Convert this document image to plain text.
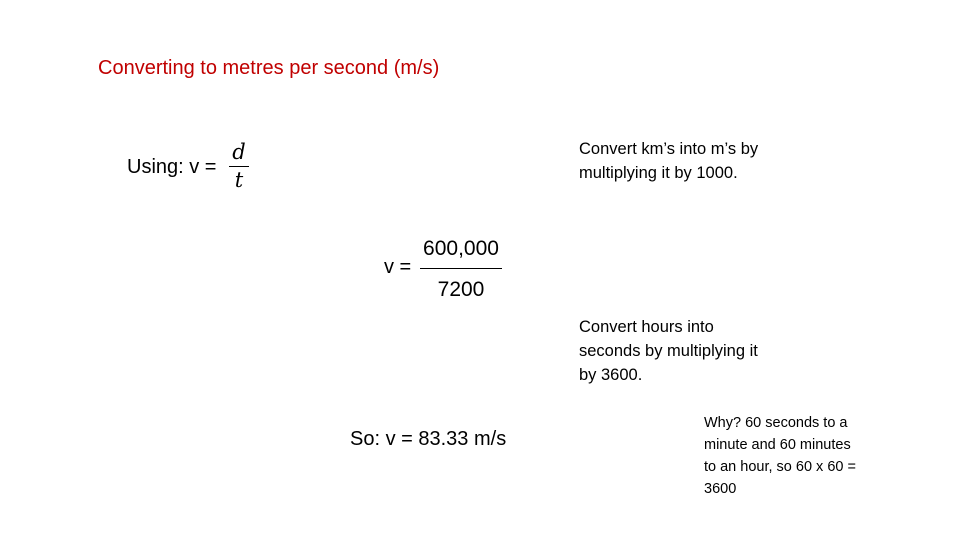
Converting to metres per second (m/s)
Using: v =
d
t
Convert km’s into m’s by
multiplying it by 1000.
v =
600,000
7200
Convert hours into
seconds by multiplying it
by 3600.
So: v = 83.33 m/s
Why? 60 seconds to a
minute and 60 minutes
to an hour, so 60 x 60 =
3600
